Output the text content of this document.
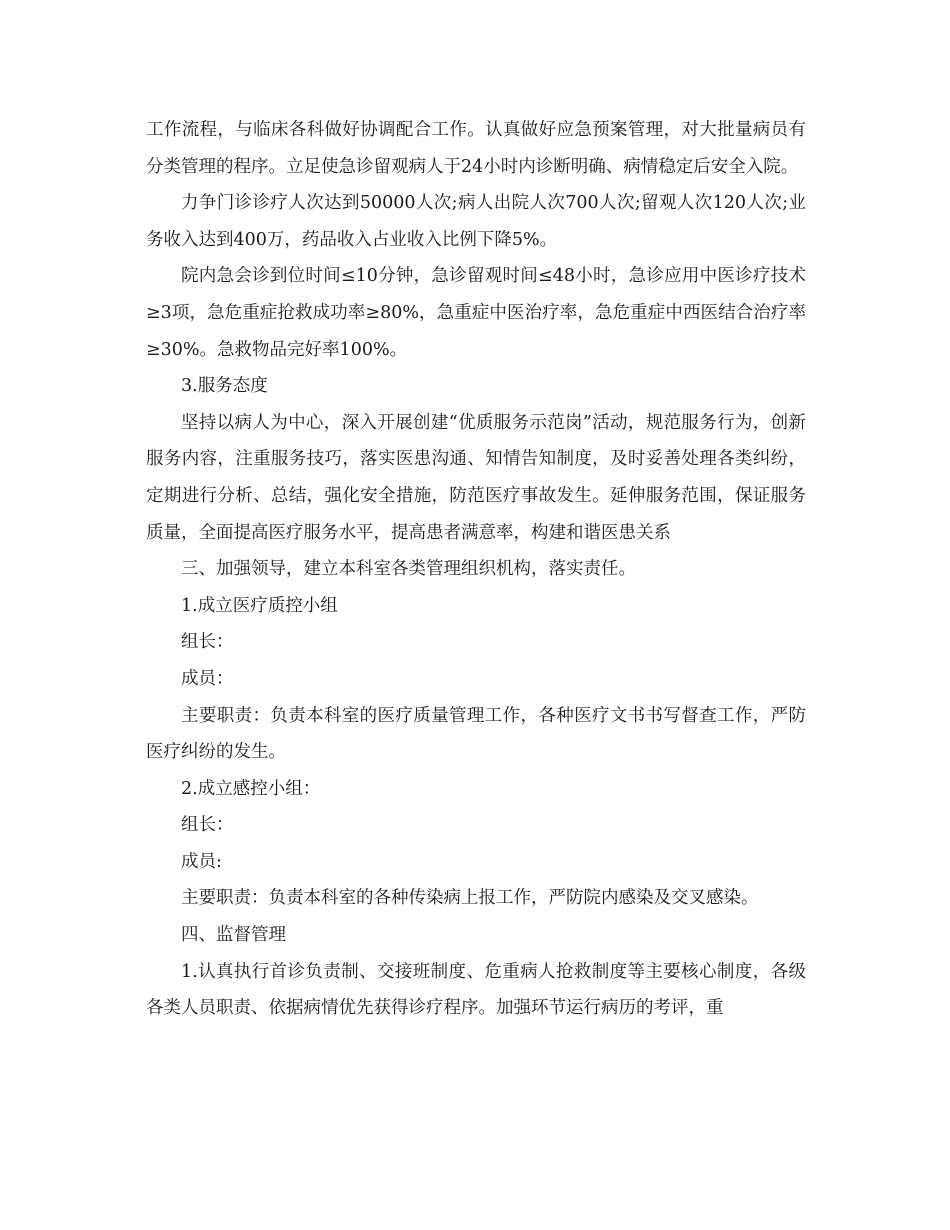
工作流程，与临床各科做好协调配合工作。认真做好应急预案管理，对大批量病员有分类管理的程序。立足使急诊留观病人于24小时内诊断明确、病情稳定后安全入院。

力争门诊诊疗人次达到50000人次;病人出院人次700人次;留观人次120人次;业务收入达到400万，药品收入占业收入比例下降5%。

院内急会诊到位时间≤10分钟，急诊留观时间≤48小时，急诊应用中医诊疗技术≥3项，急危重症抢救成功率≥80%，急重症中医治疗率，急危重症中西医结合治疗率≥30%。急救物品完好率100%。

3.服务态度

坚持以病人为中心，深入开展创建“优质服务示范岗”活动，规范服务行为，创新服务内容，注重服务技巧，落实医患沟通、知情告知制度，及时妥善处理各类纠纷，定期进行分析、总结，强化安全措施，防范医疗事故发生。延伸服务范围，保证服务质量，全面提高医疗服务水平，提高患者满意率，构建和谐医患关系

三、加强领导，建立本科室各类管理组织机构，落实责任。

1.成立医疗质控小组

组长：

成员：

主要职责：负责本科室的医疗质量管理工作，各种医疗文书书写督查工作，严防医疗纠纷的发生。

2.成立感控小组：

组长：

成员:

主要职责：负责本科室的各种传染病上报工作，严防院内感染及交叉感染。

四、监督管理

1.认真执行首诊负责制、交接班制度、危重病人抢救制度等主要核心制度，各级各类人员职责、依据病情优先获得诊疗程序。加强环节运行病历的考评，重
